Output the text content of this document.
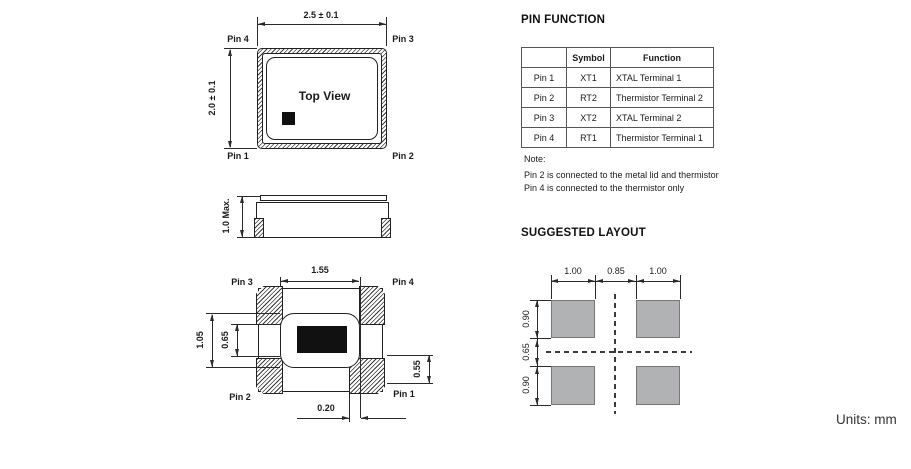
2.5 ± 0.1
2.0 ± 0.1	Top View
Pin 4	Pin 3
Pin 1	Pin 2
1.0 Max.
1.55
1.05 0.65
0.55
0.20
Pin 3	Pin 4
Pin 2	Pin 1
PIN FUNCTION
	Symbol	Function
Pin 1	XT1	XTAL Terminal 1
Pin 2	RT2	Thermistor Terminal 2
Pin 3	XT2	XTAL Terminal 2
Pin 4	RT1	Thermistor Terminal 1
Note:
Pin 2 is connected to the metal lid and thermistor
Pin 4 is connected to the thermistor only
SUGGESTED LAYOUT
1.00	0.85	1.00
0.90
0.65
0.90
Units: mm
